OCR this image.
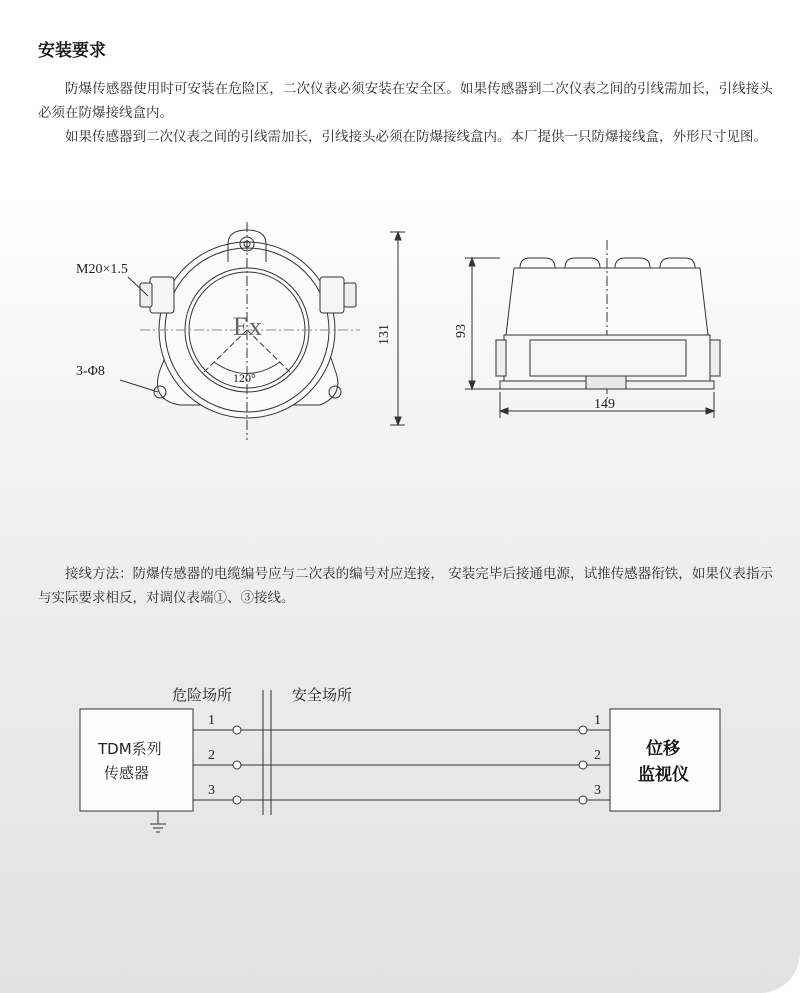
安装要求

防爆传感器使用时可安装在危险区，二次仪表必须安装在安全区。如果传感器到二次仪表之间的引线需加长，引线接头必须在防爆接线盒内。

如果传感器到二次仪表之间的引线需加长，引线接头必须在防爆接线盒内。本厂提供一只防爆接线盒，外形尺寸见图。

接线方法：防爆传感器的电缆编号应与二次表的编号对应连接， 安装完毕后接通电源，试推传感器衔铁，如果仪表指示与实际要求相反，对调仪表端①、③接线。

M20×1.5
3-Φ8
Ex
120°
131	93
149
危险场所	安全场所
TDM系列
传感器
位移
监视仪
1
2
3
1
2
3
